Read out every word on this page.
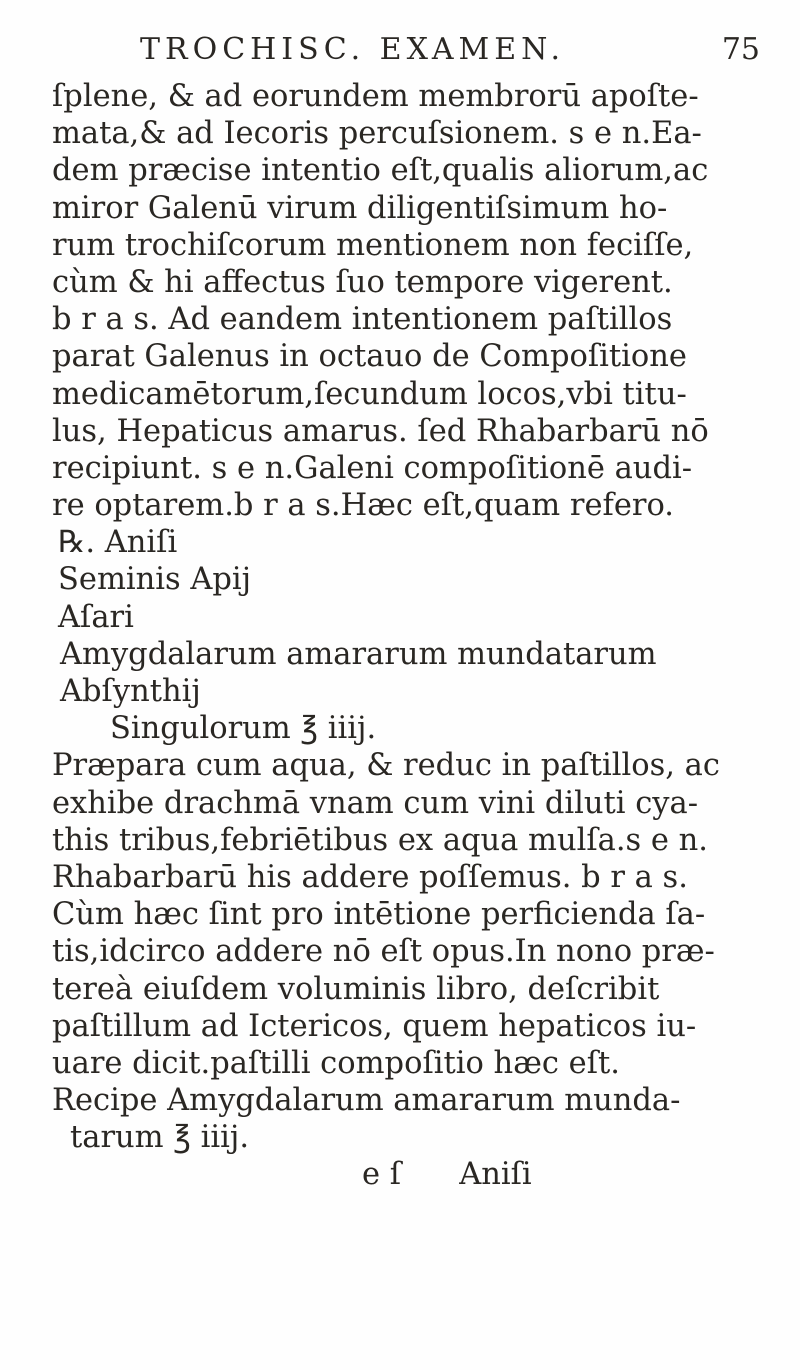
TROCHISC. EXAMEN.	75
ſplene, & ad eorundem membrorū apoſte-
mata,& ad Iecoris percuſsionem. s e n.Ea-
dem præcise intentio eſt,qualis aliorum,ac
miror Galenū virum diligentiſsimum ho-
rum trochiſcorum mentionem non feciſſe,
cùm & hi affectus ſuo tempore vigerent.
b r a s. Ad eandem intentionem paſtillos
parat Galenus in octauo de Compoſitione
medicamētorum,ſecundum locos,vbi titu-
lus, Hepaticus amarus. ſed Rhabarbarū nō
recipiunt. s e n.Galeni compoſitionē audi-
re optarem.b r a s.Hæc eſt,quam refero.
℞. Aniſi
Seminis Apij
Aſari
Amygdalarum amararum mundatarum
Abſynthij
Singulorum ℥ iiij.
Præpara cum aqua, & reduc in paſtillos, ac
exhibe drachmā vnam cum vini diluti cya-
this tribus,febriētibus ex aqua mulſa.s e n.
Rhabarbarū his addere poſſemus. b r a s.
Cùm hæc ſint pro intētione perficienda ſa-
tis,idcirco addere nō eſt opus.In nono præ-
tereà eiuſdem voluminis libro, deſcribit
paſtillum ad Ictericos, quem hepaticos iu-
uare dicit.paſtilli compoſitio hæc eſt.
Recipe Amygdalarum amararum munda-
tarum ℥ iiij.
e ſ      Aniſi
